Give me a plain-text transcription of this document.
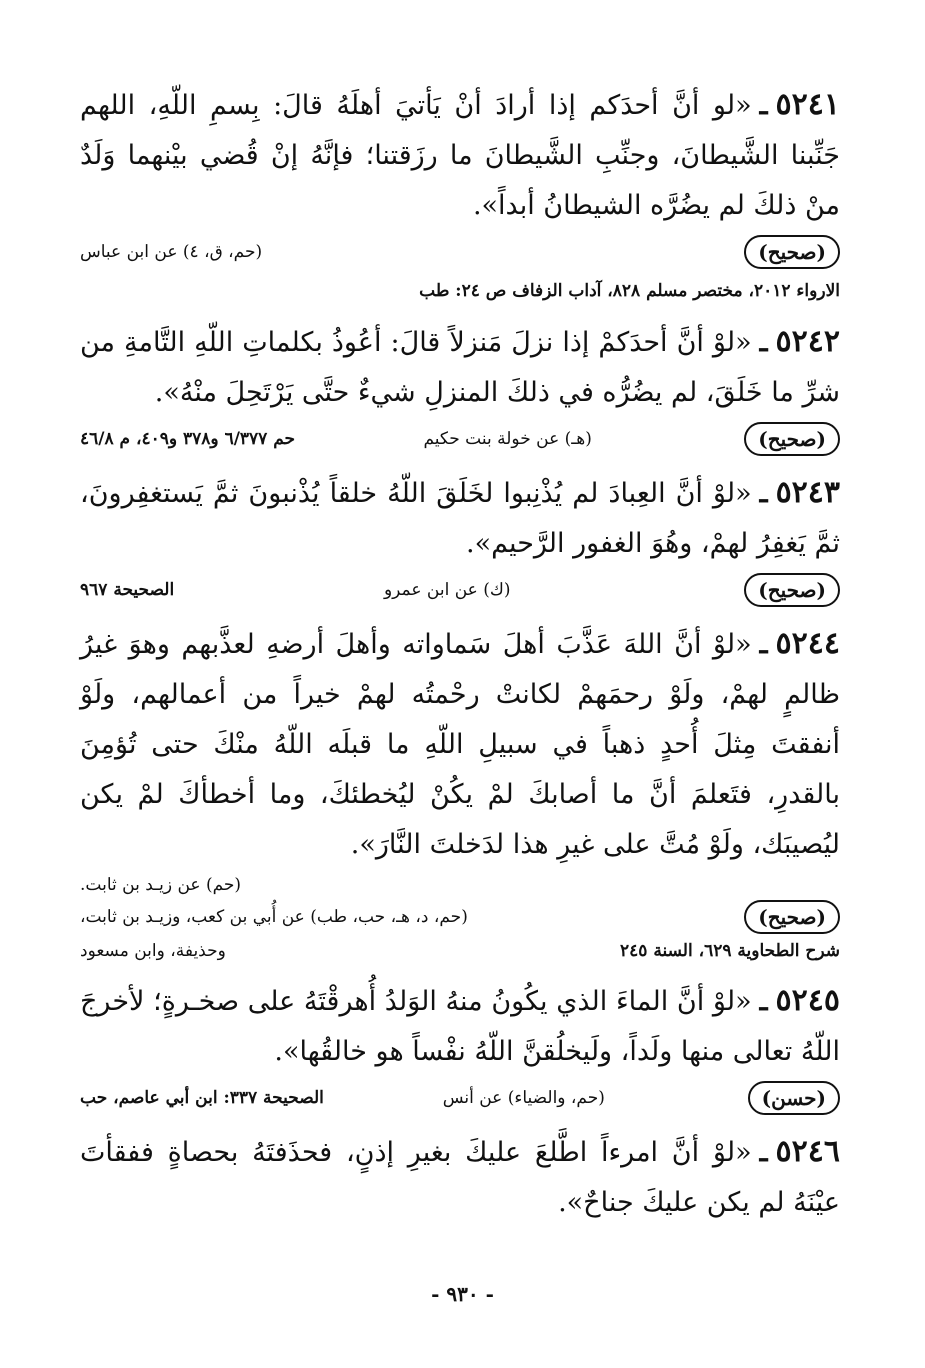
٥٢٤١ـ«لو أنَّ أحدَكم إذا أرادَ أنْ يَأتيَ أهلَهُ قالَ: بِسمِ اللّهِ، اللهم جَنِّبنا الشَّيطانَ، وجنِّبِ الشَّيطانَ ما رزَقتنا؛ فإنَّهُ إنْ قُضي بيْنهما وَلَدٌ منْ ذلكَ لم يضُرَّه الشيطانُ أبداً».

(صحيح)
(حم، ق، ٤) عن ابن عباس
الارواء ٢٠١٢، مختصر مسلم ٨٢٨، آداب الزفاف ص ٢٤: طب

٥٢٤٢ـ«لوْ أنَّ أحدَكمْ إذا نزلَ مَنزلاً قالَ: أعُوذُ بكلماتِ اللّهِ التَّامةِ من شرِّ ما خَلَقَ، لم يضُرُّه في ذلكَ المنزلِ شيءٌ حتَّى يَرْتَحِلَ منْهُ».

(صحيح)
(هـ) عن خولة بنت حكيم
حم ٦/٣٧٧ و٣٧٨ و٤٠٩، م ٤٦/٨

٥٢٤٣ـ«لوْ أنَّ العِبادَ لم يُذْنِبوا لخَلَقَ اللّهُ خلقاً يُذْنبونَ ثمَّ يَستغفِرونَ، ثمَّ يَغفِرُ لهمْ، وهُوَ الغفور الرَّحيم».

(صحيح)
(ك) عن ابن عمرو
الصحيحة ٩٦٧

٥٢٤٤ـ«لوْ أنَّ اللهَ عَذَّبَ أهلَ سَماواته وأهلَ أرضهِ لعذَّبهم وهوَ غيرُ ظالمٍ لهمْ، ولَوْ رحمَهمْ لكانتْ رحْمتُه لهمْ خيراً من أعمالهم، ولَوْ أنفقتَ مِثلَ أُحدٍ ذهباً في سبيلِ اللّهِ ما قبلَه اللّهُ منْكَ حتى تُؤمِنَ بالقدرِ، فتَعلمَ أنَّ ما أصابكَ لمْ يكُنْ ليُخطئكَ، وما أخطأكَ لمْ يكن ليُصيبَك، ولَوْ مُتَّ على غيرِ هذا لدَخلتَ النَّارَ».

(حم) عن زيـد بن ثابت.
(صحيح)
(حم، د، هـ، حب، طب) عن أُبي بن كعب، وزيـد بن ثابت،
شرح الطحاوية ٦٢٩، السنة ٢٤٥
وحذيفة، وابن مسعود

٥٢٤٥ـ«لوْ أنَّ الماءَ الذي يكُونُ منهُ الوَلدُ أُهرقْتَهُ على صخـرةٍ؛ لأخرجَ اللّهُ تعالى منها ولَداً، ولَيخلُقنَّ اللّهُ نفْساً هو خالقُها».

(حسن)
(حم، والضياء) عن أنس
الصحيحة ٣٣٧: ابن أبي عاصم، حب

٥٢٤٦ـ«لوْ أنَّ امرءاً اطَّلعَ عليكَ بغيرِ إذنٍ، فحذَفتَهُ بحصاةٍ ففقأتَ عيْنَهُ لم يكن عليكَ جناحٌ».

- ٩٣٠ -
